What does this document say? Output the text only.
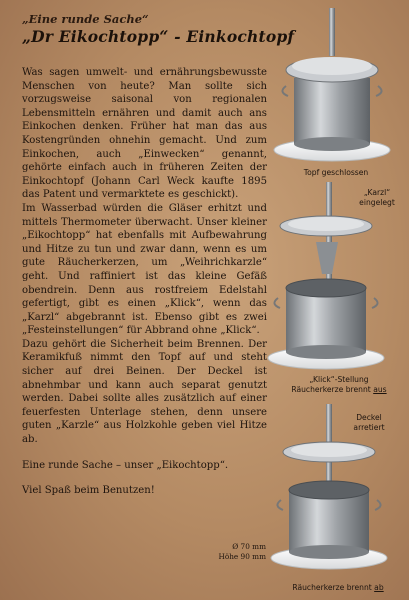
„Eine runde Sache“
„Dr Eikochtopp“ - Einkochtopf

Was sagen umwelt- und ernährungsbewusste Menschen von heute? Man sollte sich vorzugsweise saisonal von regionalen Lebensmitteln ernähren und damit auch ans Einkochen denken. Früher hat man das aus Kostengründen ohnehin gemacht. Und zum Einkochen, auch „Einwecken“ genannt, gehörte einfach auch in früheren Zeiten der Einkochtopf (Johann Carl Weck kaufte 1895 das Patent und vermarktete es geschickt).

Im Wasserbad würden die Gläser erhitzt und mittels Thermometer überwacht. Unser kleiner „Eikochtopp“ hat ebenfalls mit Aufbewahrung und Hitze zu tun und zwar dann, wenn es um gute Räucherkerzen, um „Weihrichkarzle“ geht. Und raffiniert ist das kleine Gefäß obendrein. Denn aus rostfreiem Edelstahl gefertigt, gibt es einen „Klick“, wenn das „Karzl“ abgebrannt ist. Ebenso gibt es zwei „Festeinstellungen“ für Abbrand ohne „Klick“.

Dazu gehört die Sicherheit beim Brennen. Der Keramikfuß nimmt den Topf auf und steht sicher auf drei Beinen. Der Deckel ist abnehmbar und kann auch separat genutzt werden. Dabei sollte alles zusätzlich auf einer feuerfesten Unterlage stehen, denn unsere guten „Karzle“ aus Holzkohle geben viel Hitze ab.

Eine runde Sache – unser „Eikochtopp“.

Viel Spaß beim Benutzen!

Ø 70 mm
Höhe 90 mm
Topf geschlossen
„Karzl“
eingelegt
„Klick“-Stellung
Räucherkerze brennt aus
Deckel
arretiert
Räucherkerze brennt ab
